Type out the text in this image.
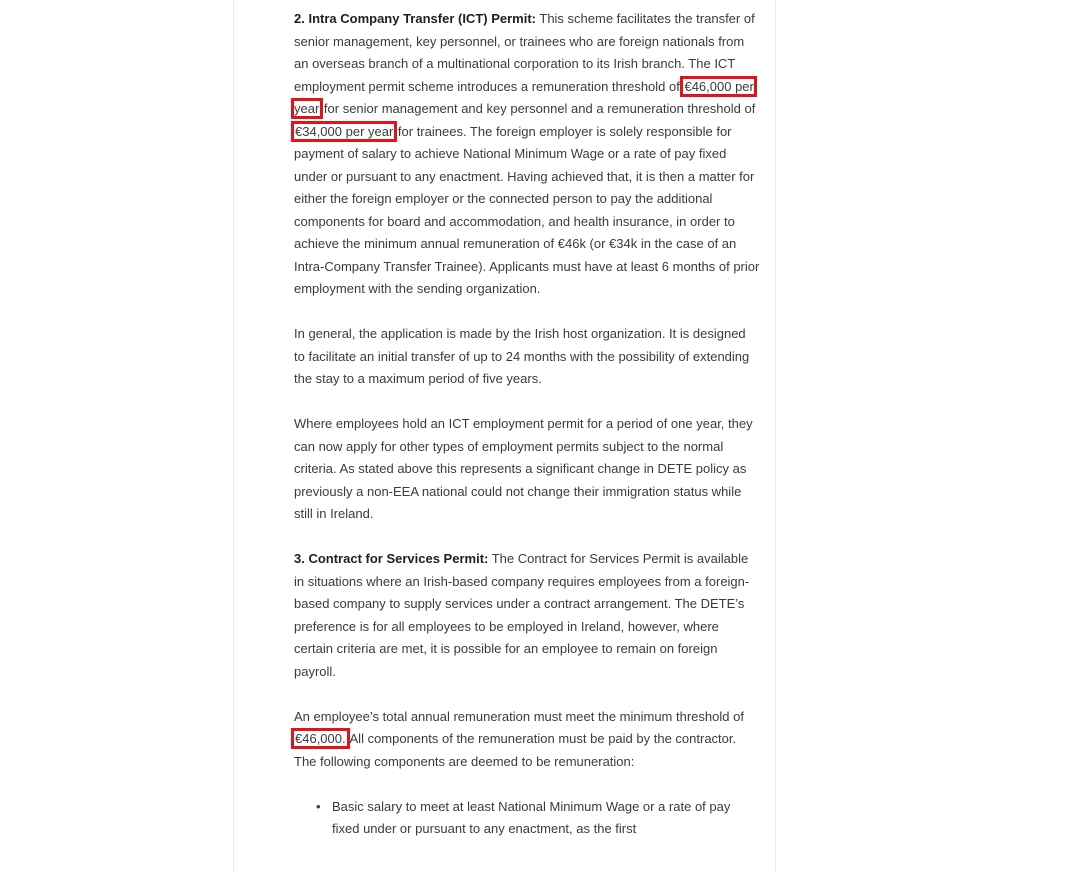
2. Intra Company Transfer (ICT) Permit: This scheme facilitates the transfer of senior management, key personnel, or trainees who are foreign nationals from an overseas branch of a multinational corporation to its Irish branch. The ICT employment permit scheme introduces a remuneration threshold of €46,000 per year for senior management and key personnel and a remuneration threshold of €34,000 per year for trainees. The foreign employer is solely responsible for payment of salary to achieve National Minimum Wage or a rate of pay fixed under or pursuant to any enactment. Having achieved that, it is then a matter for either the foreign employer or the connected person to pay the additional components for board and accommodation, and health insurance, in order to achieve the minimum annual remuneration of €46k (or €34k in the case of an Intra-Company Transfer Trainee). Applicants must have at least 6 months of prior employment with the sending organization.

In general, the application is made by the Irish host organization. It is designed to facilitate an initial transfer of up to 24 months with the possibility of extending the stay to a maximum period of five years.

Where employees hold an ICT employment permit for a period of one year, they can now apply for other types of employment permits subject to the normal criteria. As stated above this represents a significant change in DETE policy as previously a non-EEA national could not change their immigration status while still in Ireland.

3. Contract for Services Permit: The Contract for Services Permit is available in situations where an Irish-based company requires employees from a foreign-based company to supply services under a contract arrangement. The DETE’s preference is for all employees to be employed in Ireland, however, where certain criteria are met, it is possible for an employee to remain on foreign payroll.

An employee’s total annual remuneration must meet the minimum threshold of €46,000. All components of the remuneration must be paid by the contractor. The following components are deemed to be remuneration:

• Basic salary to meet at least National Minimum Wage or a rate of pay fixed under or pursuant to any enactment, as the first
